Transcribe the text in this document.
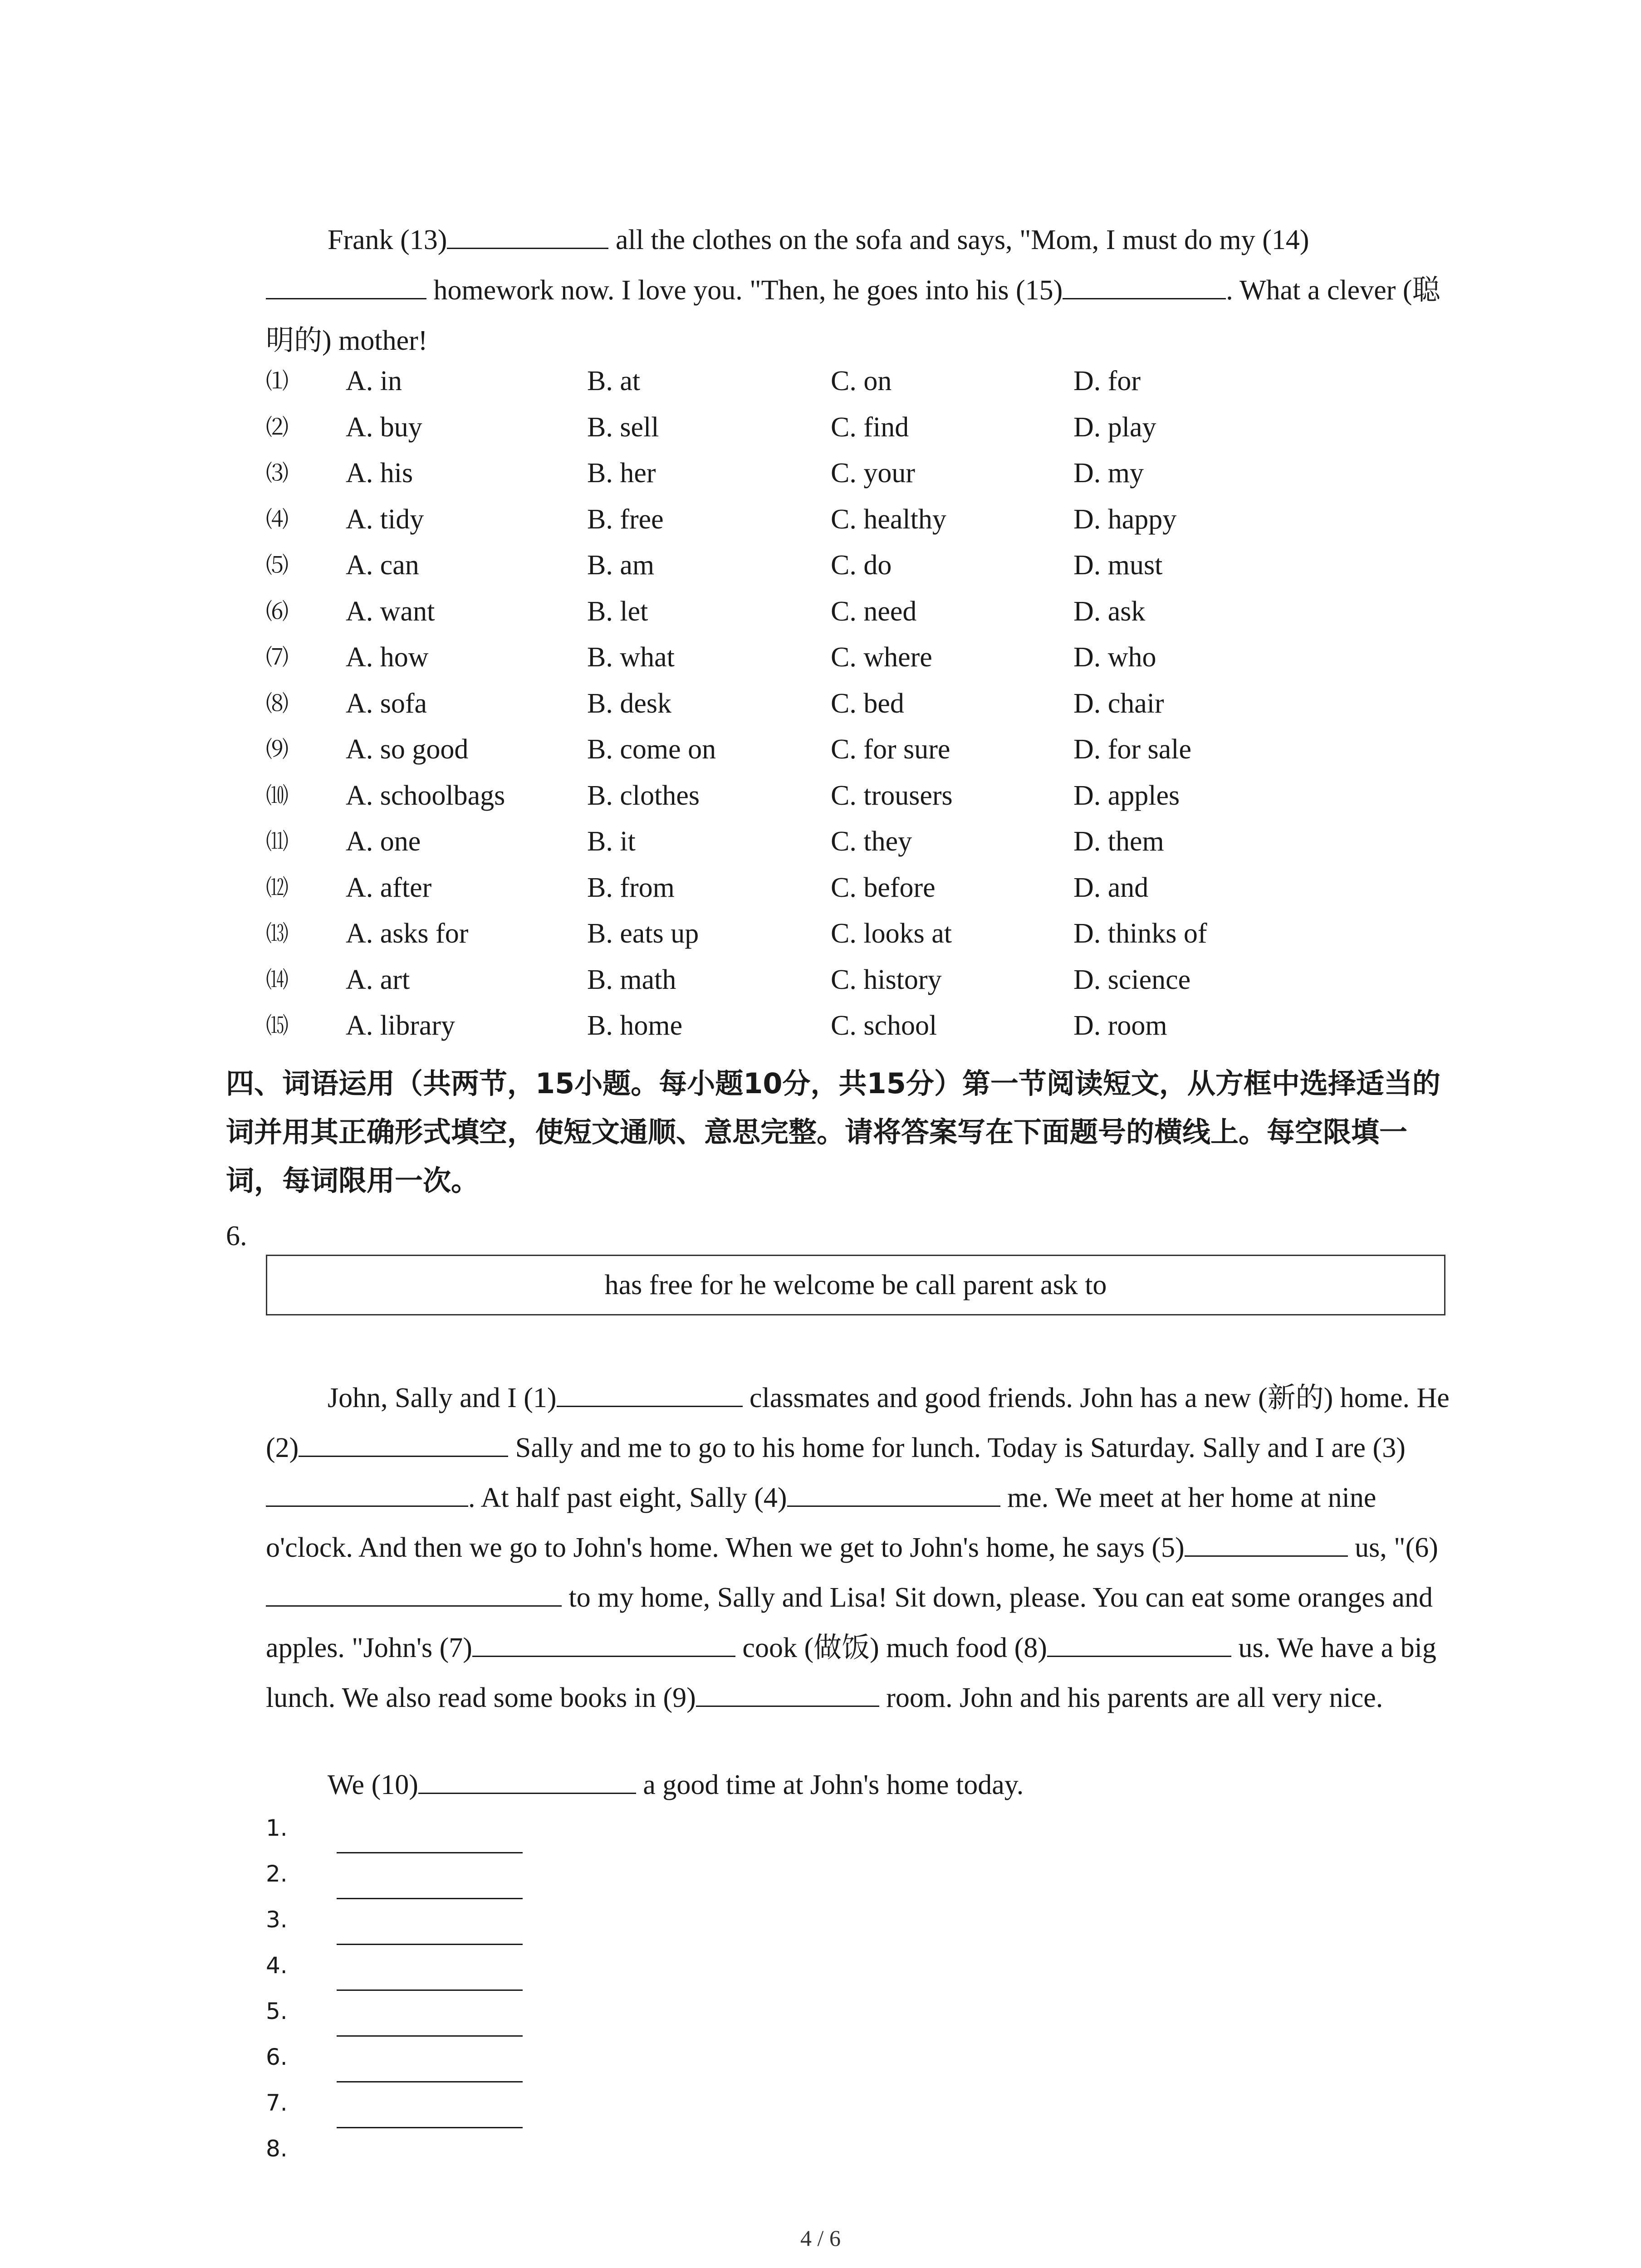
Frank (13)	all the clothes on the sofa and says, "Mom, I must do my (14) homework now. I love you. "Then, he goes into his (15)	. What a clever (聪明的) mother!

⑴ A. in	B. at	C. on	D. for
⑵ A. buy	B. sell	C. find	D. play
⑶ A. his	B. her	C. your	D. my
⑷ A. tidy	B. free	C. healthy	D. happy
⑸ A. can	B. am	C. do	D. must
⑹ A. want	B. let	C. need	D. ask
⑺ A. how	B. what	C. where	D. who
⑻ A. sofa	B. desk	C. bed	D. chair
⑼ A. so good	B. come on	C. for sure	D. for sale
⑽ A. schoolbags	B. clothes	C. trousers	D. apples
⑾ A. one	B. it	C. they	D. them
⑿ A. after	B. from	C. before	D. and
⒀ A. asks for	B. eats up	C. looks at	D. thinks of
⒁ A. art	B. math	C. history	D. science
⒂ A. library	B. home	C. school	D. room

四、词语运用（共两节，15小题。每小题10分，共15分）第一节阅读短文，从方框中选择适当的词并用其正确形式填空，使短文通顺、意思完整。请将答案写在下面题号的横线上。每空限填一词，每词限用一次。

6.
has free for he welcome be call parent ask to

John, Sally and I (1)	classmates and good friends. John has a new (新的) home. He (2)	Sally and me to go to his home for lunch. Today is Saturday. Sally and I are (3). At half past eight, Sally (4)	me. We meet at her home at nine o'clock. And then we go to John's home. When we get to John's home, he says (5)	us, "(6) to my home, Sally and Lisa! Sit down, please. You can eat some oranges and apples. "John's (7)	cook (做饭) much food (8)	us. We have a big lunch. We also read some books in (9)	room. John and his parents are all very nice.

We (10)	a good time at John's home today.

1.
2.
3.
4.
5.
6.
7.
8.
4 / 6
